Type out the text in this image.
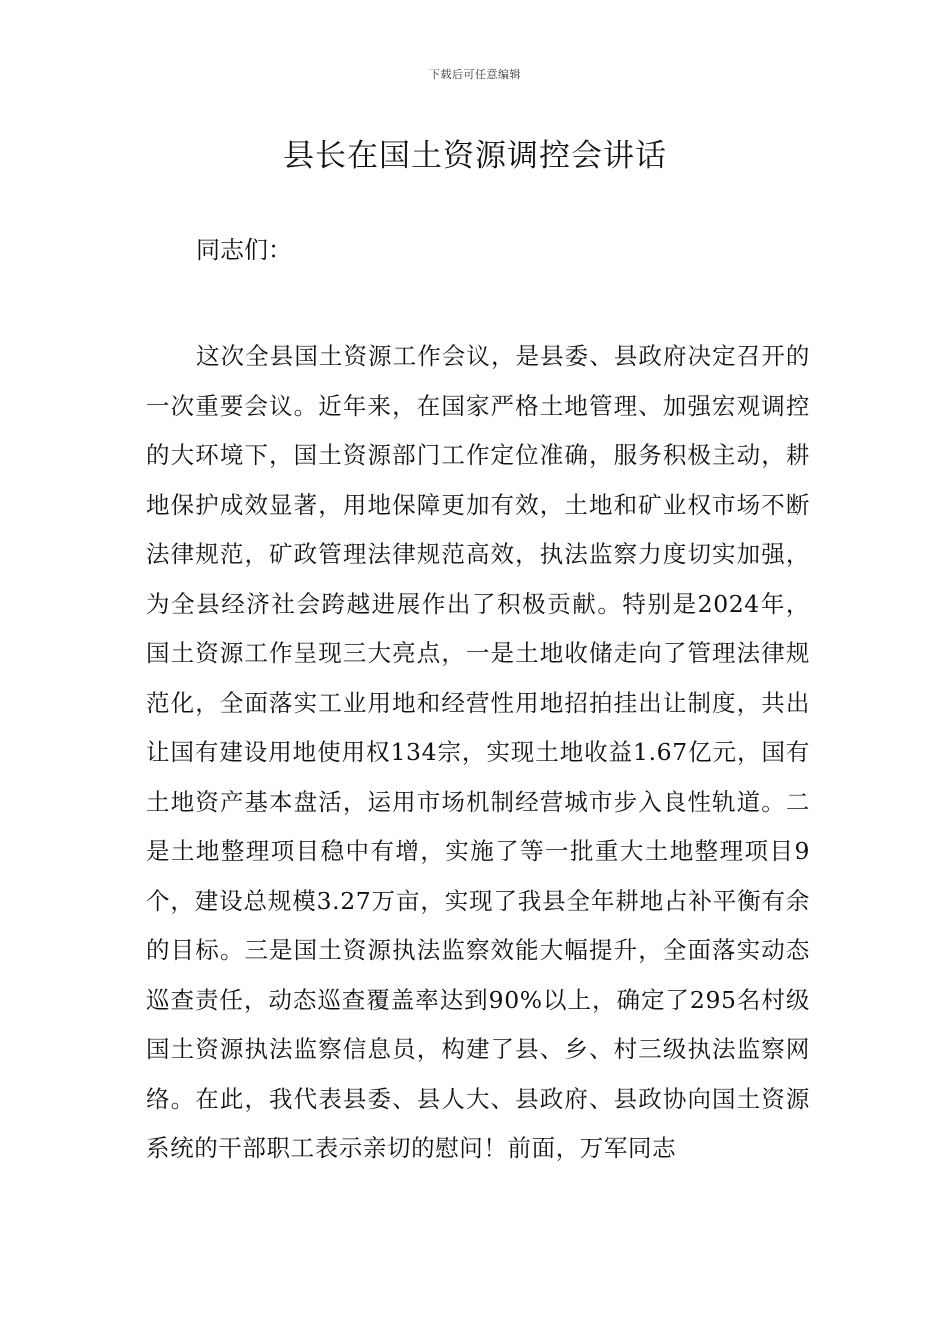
下载后可任意编辑
县长在国土资源调控会讲话

同志们：

这次全县国土资源工作会议，是县委、县政府决定召开的一次重要会议。近年来，在国家严格土地管理、加强宏观调控的大环境下，国土资源部门工作定位准确，服务积极主动，耕地保护成效显著，用地保障更加有效，土地和矿业权市场不断法律规范，矿政管理法律规范高效，执法监察力度切实加强，为全县经济社会跨越进展作出了积极贡献。特别是2024年，国土资源工作呈现三大亮点，一是土地收储走向了管理法律规范化，全面落实工业用地和经营性用地招拍挂出让制度，共出让国有建设用地使用权134宗，实现土地收益1.67亿元，国有土地资产基本盘活，运用市场机制经营城市步入良性轨道。二是土地整理项目稳中有增，实施了等一批重大土地整理项目9个，建设总规模3.27万亩，实现了我县全年耕地占补平衡有余的目标。三是国土资源执法监察效能大幅提升，全面落实动态巡查责任，动态巡查覆盖率达到90%以上，确定了295名村级国土资源执法监察信息员，构建了县、乡、村三级执法监察网络。在此，我代表县委、县人大、县政府、县政协向国土资源系统的干部职工表示亲切的慰问！前面，万军同志
